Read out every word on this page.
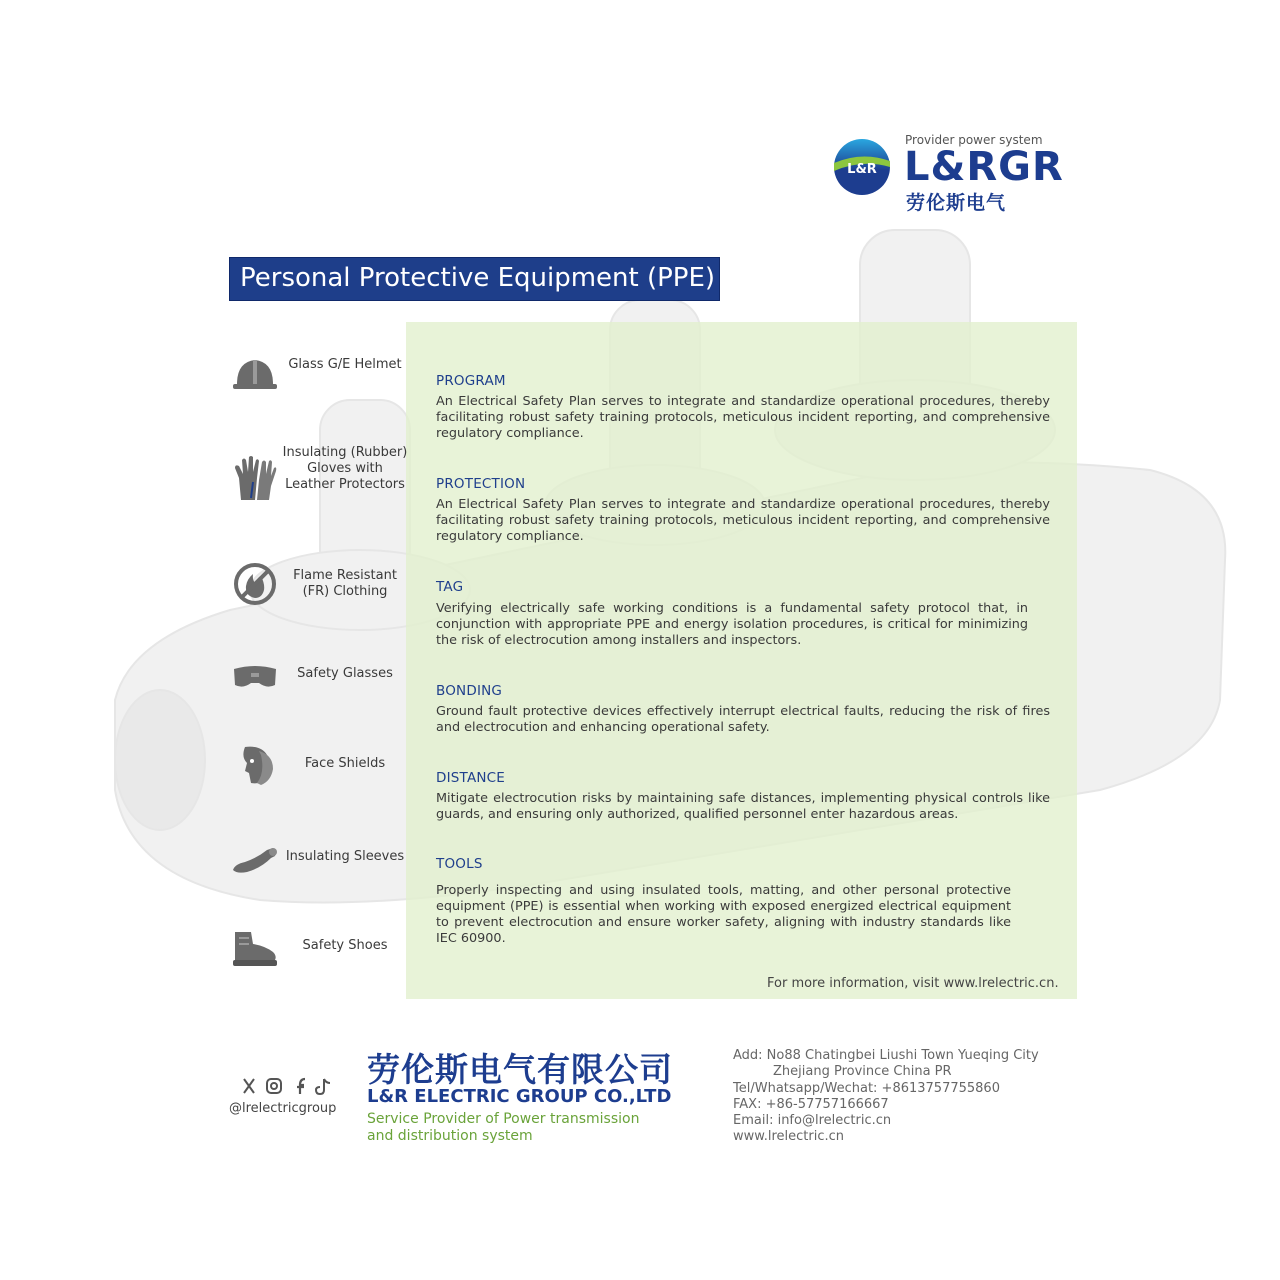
L&R
Provider power system
L&RGR
劳伦斯电气
Personal Protective Equipment (PPE)
PROGRAM
An Electrical Safety Plan serves to integrate and standardize operational procedures, thereby facilitating robust safety training protocols, meticulous incident reporting, and comprehensive regulatory compliance.
PROTECTION
An Electrical Safety Plan serves to integrate and standardize operational procedures, thereby facilitating robust safety training protocols, meticulous incident reporting, and comprehensive regulatory compliance.
TAG
Verifying electrically safe working conditions is a fundamental safety protocol that, in conjunction with appropriate PPE and energy isolation procedures, is critical for minimizing the risk of electrocution among installers and inspectors.
BONDING
Ground fault protective devices effectively interrupt electrical faults, reducing the risk of fires and electrocution and enhancing operational safety.
DISTANCE
Mitigate electrocution risks by maintaining safe distances, implementing physical controls like guards, and ensuring only authorized, qualified personnel enter hazardous areas.
TOOLS
Properly inspecting and using insulated tools, matting, and other personal protective equipment (PPE) is essential when working with exposed energized electrical equipment to prevent electrocution and ensure worker safety, aligning with industry standards like IEC 60900.
For more information, visit www.lrelectric.cn.
Glass G/E Helmet
Insulating (Rubber) Gloves with Leather Protectors
Flame Resistant (FR) Clothing
Safety Glasses
Face Shields
Insulating Sleeves
Safety Shoes
@lrelectricgroup
劳伦斯电气有限公司
L&R ELECTRIC GROUP CO.,LTD
Service Provider of Power transmission
and distribution system
Add: No88 Chatingbei Liushi Town Yueqing City
Zhejiang Province China PR
Tel/Whatsapp/Wechat: +8613757755860
FAX: +86-57757166667
Email: info@lrelectric.cn
www.lrelectric.cn
